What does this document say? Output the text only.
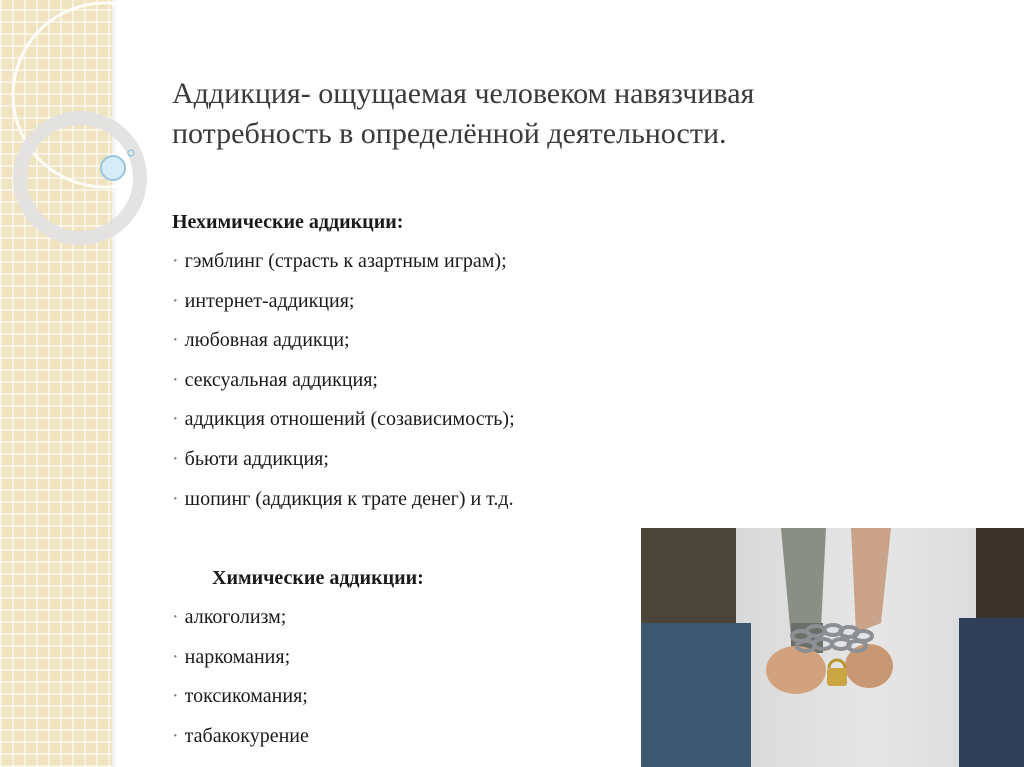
Аддикция- ощущаемая человеком навязчивая потребность в определённой деятельности.
Нехимические аддикции:
· гэмблинг (страсть к азартным играм);
· интернет-аддикция;
· любовная аддикци;
· сексуальная аддикция;
· аддикция отношений (созависимость);
· бьюти аддикция;
· шопинг (аддикция к трате денег) и т.д.
Химические аддикции:
· алкоголизм;
· наркомания;
· токсикомания;
· табакокурение
